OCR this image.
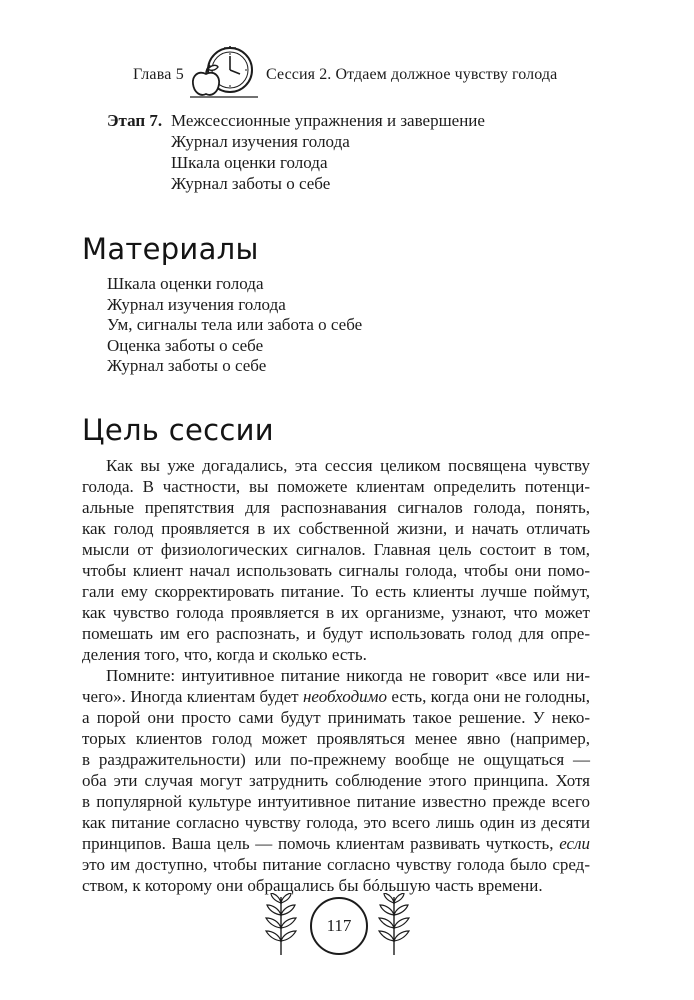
Глава 5	Сессия 2. Отдаем должное чувству голода
Этап 7. Межсессионные упражнения и завершение
Журнал изучения голода
Шкала оценки голода
Журнал заботы о себе
Материалы
Шкала оценки голода
Журнал изучения голода
Ум, сигналы тела или забота о себе
Оценка заботы о себе
Журнал заботы о себе
Цель сессии
Как вы уже догадались, эта сессия целиком посвящена чувству
голода. В частности, вы поможете клиентам определить потенци-
альные препятствия для распознавания сигналов голода, понять,
как голод проявляется в их собственной жизни, и начать отличать
мысли от физиологических сигналов. Главная цель состоит в том,
чтобы клиент начал использовать сигналы голода, чтобы они помо-
гали ему скорректировать питание. То есть клиенты лучше поймут,
как чувство голода проявляется в их организме, узнают, что может
помешать им его распознать, и будут использовать голод для опре-
деления того, что, когда и сколько есть.
Помните: интуитивное питание никогда не говорит «все или ни-
чего». Иногда клиентам будет необходимо есть, когда они не голодны,
а порой они просто сами будут принимать такое решение. У неко-
торых клиентов голод может проявляться менее явно (например,
в раздражительности) или по-прежнему вообще не ощущаться —
оба эти случая могут затруднить соблюдение этого принципа. Хотя
в популярной культуре интуитивное питание известно прежде всего
как питание согласно чувству голода, это всего лишь один из десяти
принципов. Ваша цель — помочь клиентам развивать чуткость, если
это им доступно, чтобы питание согласно чувству голода было сред-
ством, к которому они обращались бы бóльшую часть времени.
117
